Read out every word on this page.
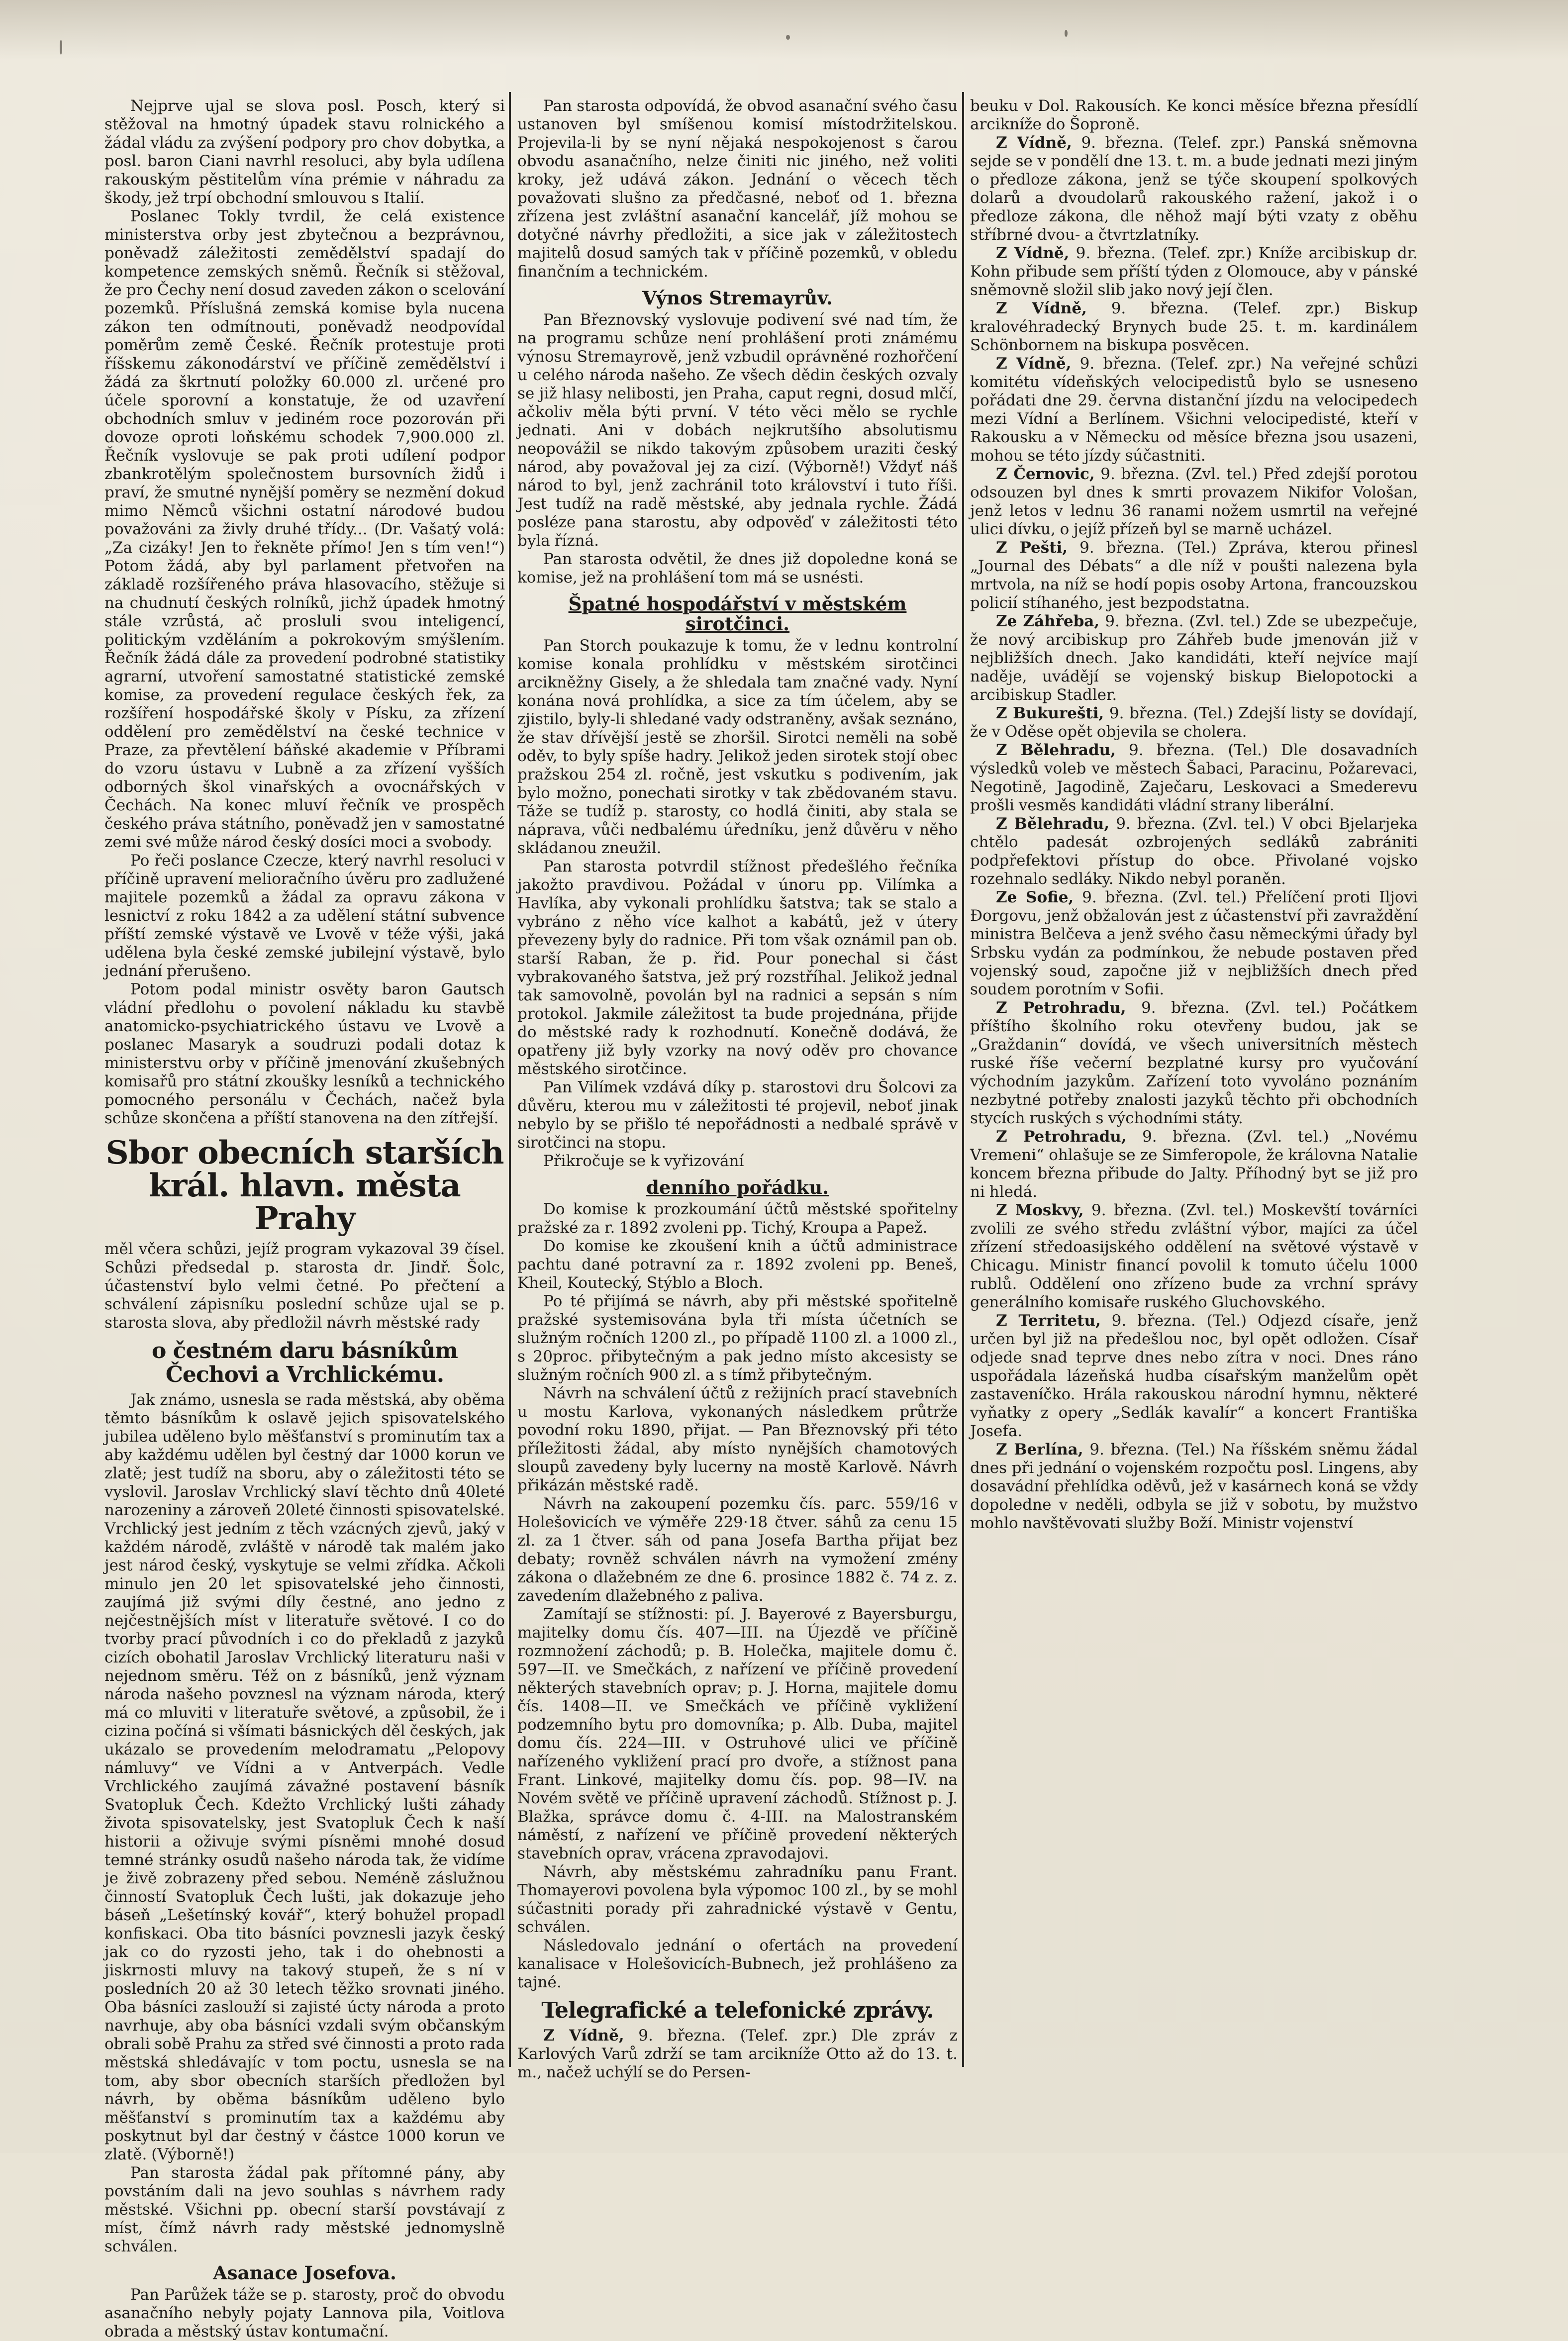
Nejprve ujal se slova posl. Posch, který si stěžoval na hmotný úpadek stavu rolnického a žádal vládu za zvýšení podpory pro chov dobytka, a posl. baron Ciani navrhl resoluci, aby byla udílena rakouským pěstitelům vína prémie v náhradu za škody, jež trpí obchodní smlouvou s Italií.

Poslanec Tokly tvrdil, že celá existence ministerstva orby jest zbytečnou a bezprávnou, poněvadž záležitosti zemědělství spadají do kompetence zemských sněmů. Řečník si stěžoval, že pro Čechy není dosud zaveden zákon o scelování pozemků. Příslušná zemská komise byla nucena zákon ten odmítnouti, poněvadž neodpovídal poměrům země České. Řečník protestuje proti říšskemu zákonodárství ve příčině zemědělství i žádá za škrtnutí položky 60.000 zl. určené pro účele sporovní a konstatuje, že od uzavření obchodních smluv v jediném roce pozorován při dovoze oproti loňskému schodek 7,900.000 zl. Řečník vyslovuje se pak proti udílení podpor zbankrotělým společnostem bursovních židů i praví, že smutné nynější poměry se nezmění dokud mimo Němců všichni ostatní národové budou považováni za živly druhé třídy... (Dr. Vašatý volá: „Za cizáky! Jen to řekněte přímo! Jen s tím ven!“) Potom žádá, aby byl parlament přetvořen na základě rozšířeného práva hlasovacího, stěžuje si na chudnutí českých rolníků, jichž úpadek hmotný stále vzrůstá, ač prosluli svou inteligencí, politickým vzděláním a pokrokovým smýšlením. Řečník žádá dále za provedení podrobné statistiky agrarní, utvoření samostatné statistické zemské komise, za provedení regulace českých řek, za rozšíření hospodářské školy v Písku, za zřízení oddělení pro zemědělství na české technice v Praze, za převtělení báňské akademie v Příbrami do vzoru ústavu v Lubně a za zřízení vyšších odborných škol vinařských a ovocnářských v Čechách. Na konec mluví řečník ve prospěch českého práva státního, poněvadž jen v samostatné zemi své může národ český dosíci moci a svobody.

Po řeči poslance Czecze, který navrhl resoluci v příčině upravení melioračního úvěru pro zadlužené majitele pozemků a žádal za opravu zákona v lesnictví z roku 1842 a za udělení státní subvence příští zemské výstavě ve Lvově v téže výši, jaká udělena byla české zemské jubilejní výstavě, bylo jednání přerušeno.

Potom podal ministr osvěty baron Gautsch vládní předlohu o povolení nákladu ku stavbě anatomicko-psychiatrického ústavu ve Lvově a poslanec Masaryk a soudruzi podali dotaz k ministerstvu orby v příčině jmenování zkušebných komisařů pro státní zkoušky lesníků a technického pomocného personálu v Čechách, načež byla schůze skončena a příští stanovena na den zítřejší.

Sbor obecních starších král. hlavn. města Prahy

měl včera schůzi, jejíž program vykazoval 39 čísel. Schůzi předsedal p. starosta dr. Jindř. Šolc, účastenství bylo velmi četné. Po přečtení a schválení zápisníku poslední schůze ujal se p. starosta slova, aby předložil návrh městské rady

o čestném daru básníkům Čechovi a Vrchlickému.

Jak známo, usnesla se rada městská, aby oběma těmto básníkům k oslavě jejich spisovatelského jubilea uděleno bylo měšťanství s prominutím tax a aby každému udělen byl čestný dar 1000 korun ve zlatě; jest tudíž na sboru, aby o záležitosti této se vyslovil. Jaroslav Vrchlický slaví těchto dnů 40leté narozeniny a zároveň 20leté činnosti spisovatelské. Vrchlický jest jedním z těch vzácných zjevů, jaký v každém národě, zvláště v národě tak malém jako jest národ český, vyskytuje se velmi zřídka. Ačkoli minulo jen 20 let spisovatelské jeho činnosti, zaujímá již svými díly čestné, ano jedno z nejčestnějších míst v literatuře světové. I co do tvorby prací původních i co do překladů z jazyků cizích obohatil Jaroslav Vrchlický literaturu naši v nejednom směru. Též on z básníků, jenž význam národa našeho povznesl na význam národa, který má co mluviti v literatuře světové, a způsobil, že i cizina počíná si všímati básnických děl českých, jak ukázalo se provedením melodramatu „Pelopovy námluvy“ ve Vídni a v Antverpách. Vedle Vrchlického zaujímá závažné postavení básník Svatopluk Čech. Kdežto Vrchlický lušti záhady života spisovatelsky, jest Svatopluk Čech k naší historii a oživuje svými písněmi mnohé dosud temné stránky osudů našeho národa tak, že vidíme je živě zobrazeny před sebou. Neméně záslužnou činností Svatopluk Čech lušti, jak dokazuje jeho báseň „Lešetínský kovář“, který bohužel propadl konfiskaci. Oba tito básníci povznesli jazyk český jak co do ryzosti jeho, tak i do ohebnosti a jiskrnosti mluvy na takový stupeň, že s ní v posledních 20 až 30 letech těžko srovnati jiného. Oba básníci zaslouží si zajisté úcty národa a proto navrhuje, aby oba básníci vzdali svým občanským obrali sobě Prahu za střed své činnosti a proto rada městská shledávajíc v tom poctu, usnesla se na tom, aby sbor obecních starších předložen byl návrh, by oběma básníkům uděleno bylo měšťanství s prominutím tax a každému aby poskytnut byl dar čestný v částce 1000 korun ve zlatě. (Výborně!)

Pan starosta žádal pak přítomné pány, aby povstáním dali na jevo souhlas s návrhem rady městské. Všichni pp. obecní starší povstávají z míst, čímž návrh rady městské jednomyslně schválen.

Asanace Josefova.

Pan Parůžek táže se p. starosty, proč do obvodu asanačního nebyly pojaty Lannova pila, Voitlova obrada a městský ústav kontumační.

Pan starosta odpovídá, že obvod asanační svého času ustanoven byl smíšenou komisí místodržitelskou. Projevila-li by se nyní nějaká nespokojenost s čarou obvodu asanačního, nelze činiti nic jiného, než voliti kroky, jež udává zákon. Jednání o věcech těch považovati slušno za předčasné, neboť od 1. března zřízena jest zvláštní asanační kancelář, jíž mohou se dotyčné návrhy předložiti, a sice jak v záležitostech majitelů dosud samých tak v příčině pozemků, v obledu finančním a technickém.

Výnos Stremayrův.

Pan Březnovský vyslovuje podivení své nad tím, že na programu schůze není prohlášení proti známému výnosu Stremayrově, jenž vzbudil oprávněné rozhořčení u celého národa našeho. Ze všech dědin českých ozvaly se již hlasy nelibosti, jen Praha, caput regni, dosud mlčí, ačkoliv měla býti první. V této věci mělo se rychle jednati. Ani v dobách nejkrutšího absolutismu neopovážil se nikdo takovým způsobem uraziti český národ, aby považoval jej za cizí. (Výborně!) Vždyť náš národ to byl, jenž zachránil toto království i tuto říši. Jest tudíž na radě městské, aby jednala rychle. Žádá posléze pana starostu, aby odpověď v záležitosti této byla řízná.

Pan starosta odvětil, že dnes již dopoledne koná se komise, jež na prohlášení tom má se usnésti.

Špatné hospodářství v městském sirotčinci.

Pan Storch poukazuje k tomu, že v lednu kontrolní komise konala prohlídku v městském sirotčinci arcikněžny Gisely, a že shledala tam značné vady. Nyní konána nová prohlídka, a sice za tím účelem, aby se zjistilo, byly-li shledané vady odstraněny, avšak seznáno, že stav dřívější jestě se zhoršil. Sirotci neměli na sobě oděv, to byly spíše hadry. Jelikož jeden sirotek stojí obec pražskou 254 zl. ročně, jest vskutku s podivením, jak bylo možno, ponechati sirotky v tak zbědovaném stavu. Táže se tudíž p. starosty, co hodlá činiti, aby stala se náprava, vůči nedbalému úředníku, jenž důvěru v něho skládanou zneužil.

Pan starosta potvrdil stížnost předešlého řečníka jakožto pravdivou. Požádal v únoru pp. Vilímka a Havlíka, aby vykonali prohlídku šatstva; tak se stalo a vybráno z něho více kalhot a kabátů, jež v útery převezeny byly do radnice. Při tom však oznámil pan ob. starší Raban, že p. řid. Pour ponechal si část vybrakovaného šatstva, jež prý rozstříhal. Jelikož jednal tak samovolně, povolán byl na radnici a sepsán s ním protokol. Jakmile záležitost ta bude projednána, přijde do městské rady k rozhodnutí. Konečně dodává, že opatřeny již byly vzorky na nový oděv pro chovance městského sirotčince.

Pan Vilímek vzdává díky p. starostovi dru Šolcovi za důvěru, kterou mu v záležitosti té projevil, neboť jinak nebylo by se přišlo té nepořádnosti a nedbalé správě v sirotčinci na stopu.

Přikročuje se k vyřizování

denního pořádku.

Do komise k prozkoumání účtů městské spořitelny pražské za r. 1892 zvoleni pp. Tichý, Kroupa a Papež.

Do komise ke zkoušení knih a účtů administrace pachtu dané potravní za r. 1892 zvoleni pp. Beneš, Kheil, Koutecký, Stýblo a Bloch.

Po té přijímá se návrh, aby při městské spořitelně pražské systemisována byla tři místa účetních se služným ročních 1200 zl., po případě 1100 zl. a 1000 zl., s 20proc. přibytečným a pak jedno místo akcesisty se služným ročních 900 zl. a s tímž přibytečným.

Návrh na schválení účtů z režijních prací stavebních u mostu Karlova, vykonaných následkem průtrže povodní roku 1890, přijat. — Pan Březnovský při této příležitosti žádal, aby místo nynějších chamotových sloupů zavedeny byly lucerny na mostě Karlově. Návrh přikázán městské radě.

Návrh na zakoupení pozemku čís. parc. 559/16 v Holešovicích ve výměře 229·18 čtver. sáhů za cenu 15 zl. za 1 čtver. sáh od pana Josefa Bartha přijat bez debaty; rovněž schválen návrh na vymožení zmény zákona o dlažebném ze dne 6. prosince 1882 č. 74 z. z. zavedením dlažebného z paliva.

Zamítají se stížnosti: pí. J. Bayerové z Bayersburgu, majitelky domu čís. 407—III. na Újezdě ve příčině rozmnožení záchodů; p. B. Holečka, majitele domu č. 597—II. ve Smečkách, z nařízení ve příčině provedení některých stavebních oprav; p. J. Horna, majitele domu čís. 1408—II. ve Smečkách ve příčině vykližení podzemního bytu pro domovníka; p. Alb. Duba, majitel domu čís. 224—III. v Ostruhové ulici ve příčině nařízeného vykližení prací pro dvoře, a stížnost pana Frant. Linkové, majitelky domu čís. pop. 98—IV. na Novém světě ve příčině upravení záchodů. Stížnost p. J. Blažka, správce domu č. 4-III. na Malostranském náměstí, z nařízení ve příčině provedení některých stavebních oprav, vrácena zpravodajovi.

Návrh, aby městskému zahradníku panu Frant. Thomayerovi povolena byla výpomoc 100 zl., by se mohl súčastniti porady při zahradnické výstavě v Gentu, schválen.

Následovalo jednání o ofertách na provedení kanalisace v Holešovicích-Bubnech, jež prohlášeno za tajné.

Telegrafické a telefonické zprávy.

Z Vídně, 9. března. (Telef. zpr.) Dle zpráv z Karlových Varů zdrží se tam arcikníže Otto až do 13. t. m., načež uchýlí se do Persen-

beuku v Dol. Rakousích. Ke konci měsíce března přesídlí arcikníže do Šoproně.

Z Vídně, 9. března. (Telef. zpr.) Panská sněmovna sejde se v pondělí dne 13. t. m. a bude jednati mezi jiným o předloze zákona, jenž se týče skoupení spolkových dolarů a dvoudolarů rakouského ražení, jakož i o předloze zákona, dle něhož mají býti vzaty z oběhu stříbrné dvou- a čtvrtzlatníky.

Z Vídně, 9. března. (Telef. zpr.) Kníže arcibiskup dr. Kohn přibude sem příští týden z Olomouce, aby v pánské sněmovně složil slib jako nový její člen.

Z Vídně, 9. března. (Telef. zpr.) Biskup kralovéhradecký Brynych bude 25. t. m. kardinálem Schönbornem na biskupa posvěcen.

Z Vídně, 9. března. (Telef. zpr.) Na veřejné schůzi komitétu vídeňských velocipedistů bylo se usneseno pořádati dne 29. června distanční jízdu na velocipedech mezi Vídní a Berlínem. Všichni velocipedisté, kteří v Rakousku a v Německu od měsíce března jsou usazeni, mohou se této jízdy súčastniti.

Z Černovic, 9. března. (Zvl. tel.) Před zdejší porotou odsouzen byl dnes k smrti provazem Nikifor Vološan, jenž letos v lednu 36 ranami nožem usmrtil na veřejné ulici dívku, o jejíž přízeň byl se marně ucházel.

Z Pešti, 9. března. (Tel.) Zpráva, kterou přinesl „Journal des Débats“ a dle níž v poušti nalezena byla mrtvola, na níž se hodí popis osoby Artona, francouzskou policií stíhaného, jest bezpodstatna.

Ze Záhřeba, 9. března. (Zvl. tel.) Zde se ubezpečuje, že nový arcibiskup pro Záhřeb bude jmenován již v nejbližších dnech. Jako kandidáti, kteří nejvíce mají naděje, uvádějí se vojenský biskup Bielopotocki a arcibiskup Stadler.

Z Bukurešti, 9. března. (Tel.) Zdejší listy se dovídají, že v Oděse opět objevila se cholera.

Z Bělehradu, 9. března. (Tel.) Dle dosavadních výsledků voleb ve městech Šabaci, Paracinu, Požarevaci, Negotině, Jagodině, Zaječaru, Leskovaci a Smederevu prošli vesměs kandidáti vládní strany liberální.

Z Bělehradu, 9. března. (Zvl. tel.) V obci Bjelarjeka chtělo padesát ozbrojených sedláků zabrániti podpřefektovi přístup do obce. Přivolané vojsko rozehnalo sedláky. Nikdo nebyl poraněn.

Ze Sofie, 9. března. (Zvl. tel.) Přelíčení proti Iljovi Đorgovu, jenž obžalován jest z účastenství při zavraždění ministra Belčeva a jenž svého času německými úřady byl Srbsku vydán za podmínkou, že nebude postaven před vojenský soud, započne již v nejbližších dnech před soudem porotním v Sofii.

Z Petrohradu, 9. března. (Zvl. tel.) Počátkem příštího školního roku otevřeny budou, jak se „Graždanin“ dovídá, ve všech universitních městech ruské říše večerní bezplatné kursy pro vyučování východním jazykům. Zařízení toto vyvoláno poznáním nezbytné potřeby znalosti jazyků těchto při obchodních stycích ruských s východními státy.

Z Petrohradu, 9. března. (Zvl. tel.) „Novému Vremeni“ ohlašuje se ze Simferopole, že královna Natalie koncem března přibude do Jalty. Příhodný byt se již pro ni hledá.

Z Moskvy, 9. března. (Zvl. tel.) Moskevští továrníci zvolili ze svého středu zvláštní výbor, majíci za účel zřízení středoasijského oddělení na světové výstavě v Chicagu. Ministr financí povolil k tomuto účelu 1000 rublů. Oddělení ono zřízeno bude za vrchní správy generálního komisaře ruského Gluchovského.

Z Territetu, 9. března. (Tel.) Odjezd císaře, jenž určen byl již na předešlou noc, byl opět odložen. Císař odjede snad teprve dnes nebo zítra v noci. Dnes ráno uspořádala lázeňská hudba císařským manželům opět zastaveníčko. Hrála rakouskou národní hymnu, některé vyňatky z opery „Sedlák kavalír“ a koncert Františka Josefa.

Z Berlína, 9. března. (Tel.) Na říšském sněmu žádal dnes při jednání o vojenském rozpočtu posl. Lingens, aby dosavádní přehlídka oděvů, jež v kasárnech koná se vždy dopoledne v neděli, odbyla se již v sobotu, by mužstvo mohlo navštěvovati služby Boží. Ministr vojenství
